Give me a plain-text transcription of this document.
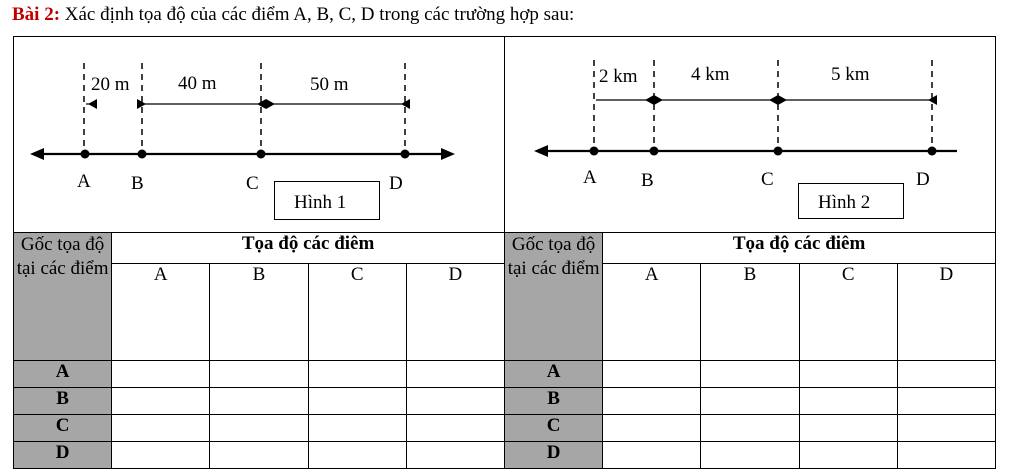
Bài 2: Xác định tọa độ của các điểm A, B, C, D trong các trường hợp sau:
20 m	40 m	50 m
A B	C	D
Hình 1
2 km	4 km	5 km
A B	C	D
Hình 2
Gốc tọa độ tại các điểm	Tọa độ các điêm			
	A	B	C	D
A				
B				
C				
D				
Gốc tọa độ tại các điểm	Tọa độ các điêm			
	A	B	C	D
A				
B				
C				
D				
